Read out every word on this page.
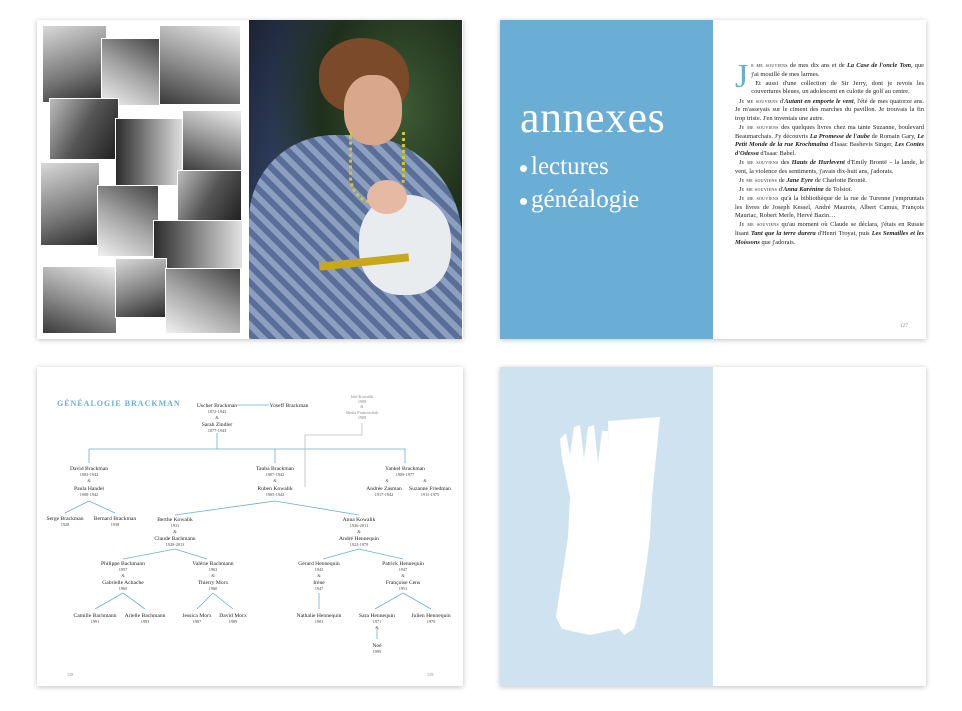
annexes
lectures
généalogie
J e me souviens de mes dix ans et de La Case de l'oncle Tom, que j'ai mouillé de mes larmes.

Et aussi d'une collection de Sir Jerry, dont je revois les couvertures bleues, un adolescent en culotte de golf au centre.

Je me souviens d'Autant en emporte le vent, l'été de mes quatorze ans. Je m'asseyais sur le ciment des marches du pavillon. Je trouvais la fin trop triste. J'en inventais une autre.

Je me souviens des quelques livres chez ma tante Suzanne, boulevard Beaumarchais. J'y découvris La Promesse de l'aube de Romain Gary, Le Petit Monde de la rue Krochmalna d'Isaac Bashevis Singer, Les Contes d'Odessa d'Isaac Babel.

Je me souviens des Hauts de Hurlevent d'Emily Brontë – la lande, le vent, la violence des sentiments, j'avais dix-huit ans, j'adorais.

Je me souviens de Jane Eyre de Charlotte Brontë.

Je me souviens d'Anna Karénine de Tolstoï.

Je me souviens qu'à la bibliothèque de la rue de Turenne j'empruntais les livres de Joseph Kessel, André Maurois, Albert Camus, François Mauriac, Robert Merle, Hervé Bazin…

Je me souviens qu'au moment où Claude se déclara, j'étais en Russie lisant Tant que la terre durera d'Henri Troyat, puis Les Semailles et les Moissons que j'adorais.

127
GÉNÉALOGIE BRACKMAN	Uscher Brackman
1872-1943
&
Sarah Zindler
1877-1943
Yoseff Brackman
Idel Kowalik
1908
&
Sheila Francowitzk
1908
David Brackman
1903-1942
&
Paula Handel
1908-1942
Tauba Brackman
1907-1942
&
Ruben Kowalik
1905-1942
Yankel Brackman
1909-1977
&	&
Andrée Zasman
1917-1942
Suzanne Friedman
1911-1975
Serge Brackman
1928
Bernard Brackman
1938
Berthe Kowalik
1931
&
Claude Bachmann
1928-2013
Anna Kowalik
1926-2011
&
André Hennequin
1922-1979
Philippe Bachmann
1957
&
Gabrielle Achache
1965
Valérie Bachmann
1963
&
Thierry Morx
1960
Gérard Hennequin
1943
&
Irène
1947
Patrick Hennequin
1947
&
Françoise Cens
1951
Camille Bachmann
1991
Arielle Bachmann
1993
Jessica Morx
1987
David Morx
1989
Nathalie Hennequin
1981
Sara Hennequin
1971
&
Julien Hennequin
1979
Noé
1999
128	129
